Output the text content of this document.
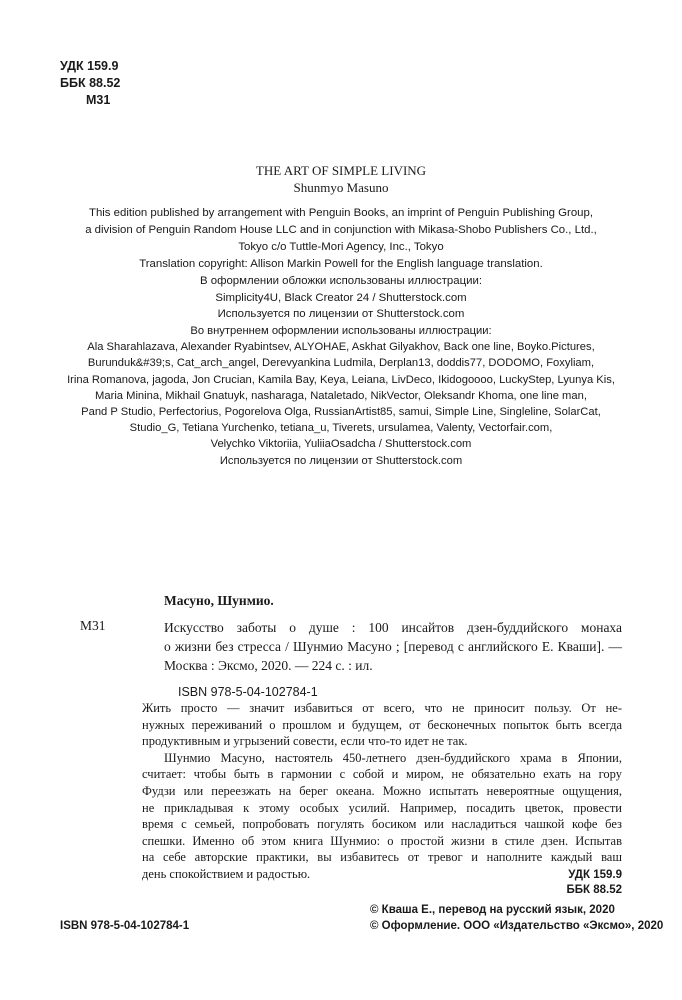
УДК 159.9
ББК 88.52
М31
THE ART OF SIMPLE LIVING
Shunmyo Masuno
This edition published by arrangement with Penguin Books, an imprint of Penguin Publishing Group,
a division of Penguin Random House LLC and in conjunction with Mikasa-Shobo Publishers Co., Ltd.,
Tokyo c/o Tuttle-Mori Agency, Inc., Tokyo
Translation copyright: Allison Markin Powell for the English language translation.
В оформлении обложки использованы иллюстрации:
Simplicity4U, Black Creator 24 / Shutterstock.com
Используется по лицензии от Shutterstock.com
Во внутреннем оформлении использованы иллюстрации:
Ala Sharahlazava, Alexander Ryabintsev, ALYOHAE, Askhat Gilyakhov, Back one line, Boyko.Pictures,
Burunduk&#39;s, Cat_arch_angel, Derevyankina Ludmila, Derplan13, doddis77, DODOMO, Foxyliam,
Irina Romanova, jagoda, Jon Crucian, Kamila Bay, Keya, Leiana, LivDeco, Ikidogoooo, LuckyStep, Lyunya Kis,
Maria Minina, Mikhail Gnatuyk, nasharaga, Nataletado, NikVector, Oleksandr Khoma, one line man,
Pand P Studio, Perfectorius, Pogorelova Olga, RussianArtist85, samui, Simple Line, Singleline, SolarCat,
Studio_G, Tetiana Yurchenko, tetiana_u, Tiverets, ursulamea, Valenty, Vectorfair.com,
Velychko Viktoriia, YuliiaOsadcha / Shutterstock.com
Используется по лицензии от Shutterstock.com
Масуно, Шунмио.
М31	Искусство заботы о душе : 100 инсайтов дзен-буддийского монаха
о жизни без стресса / Шунмио Масуно ; [перевод с английского Е. Кваши]. —
Москва : Эксмо, 2020. — 224 с. : ил.
ISBN 978-5-04-102784-1

Жить просто — значит избавиться от всего, что не приносит пользу. От не-
нужных переживаний о прошлом и будущем, от бесконечных попыток быть всегда
продуктивным и угрызений совести, если что-то идет не так.

Шунмио Масуно, настоятель 450-летнего дзен-буддийского храма в Японии,
считает: чтобы быть в гармонии с собой и миром, не обязательно ехать на гору
Фудзи или переезжать на берег океана. Можно испытать невероятные ощущения,
не прикладывая к этому особых усилий. Например, посадить цветок, провести
время с семьей, попробовать погулять босиком или насладиться чашкой кофе без
спешки. Именно об этом книга Шунмио: о простой жизни в стиле дзен. Испытав
на себе авторские практики, вы избавитесь от тревог и наполните каждый ваш
день спокойствием и радостью.	УДК 159.9
ББК 88.52
ISBN 978-5-04-102784-1
© Кваша Е., перевод на русский язык, 2020
© Оформление. ООО «Издательство «Эксмо», 2020
